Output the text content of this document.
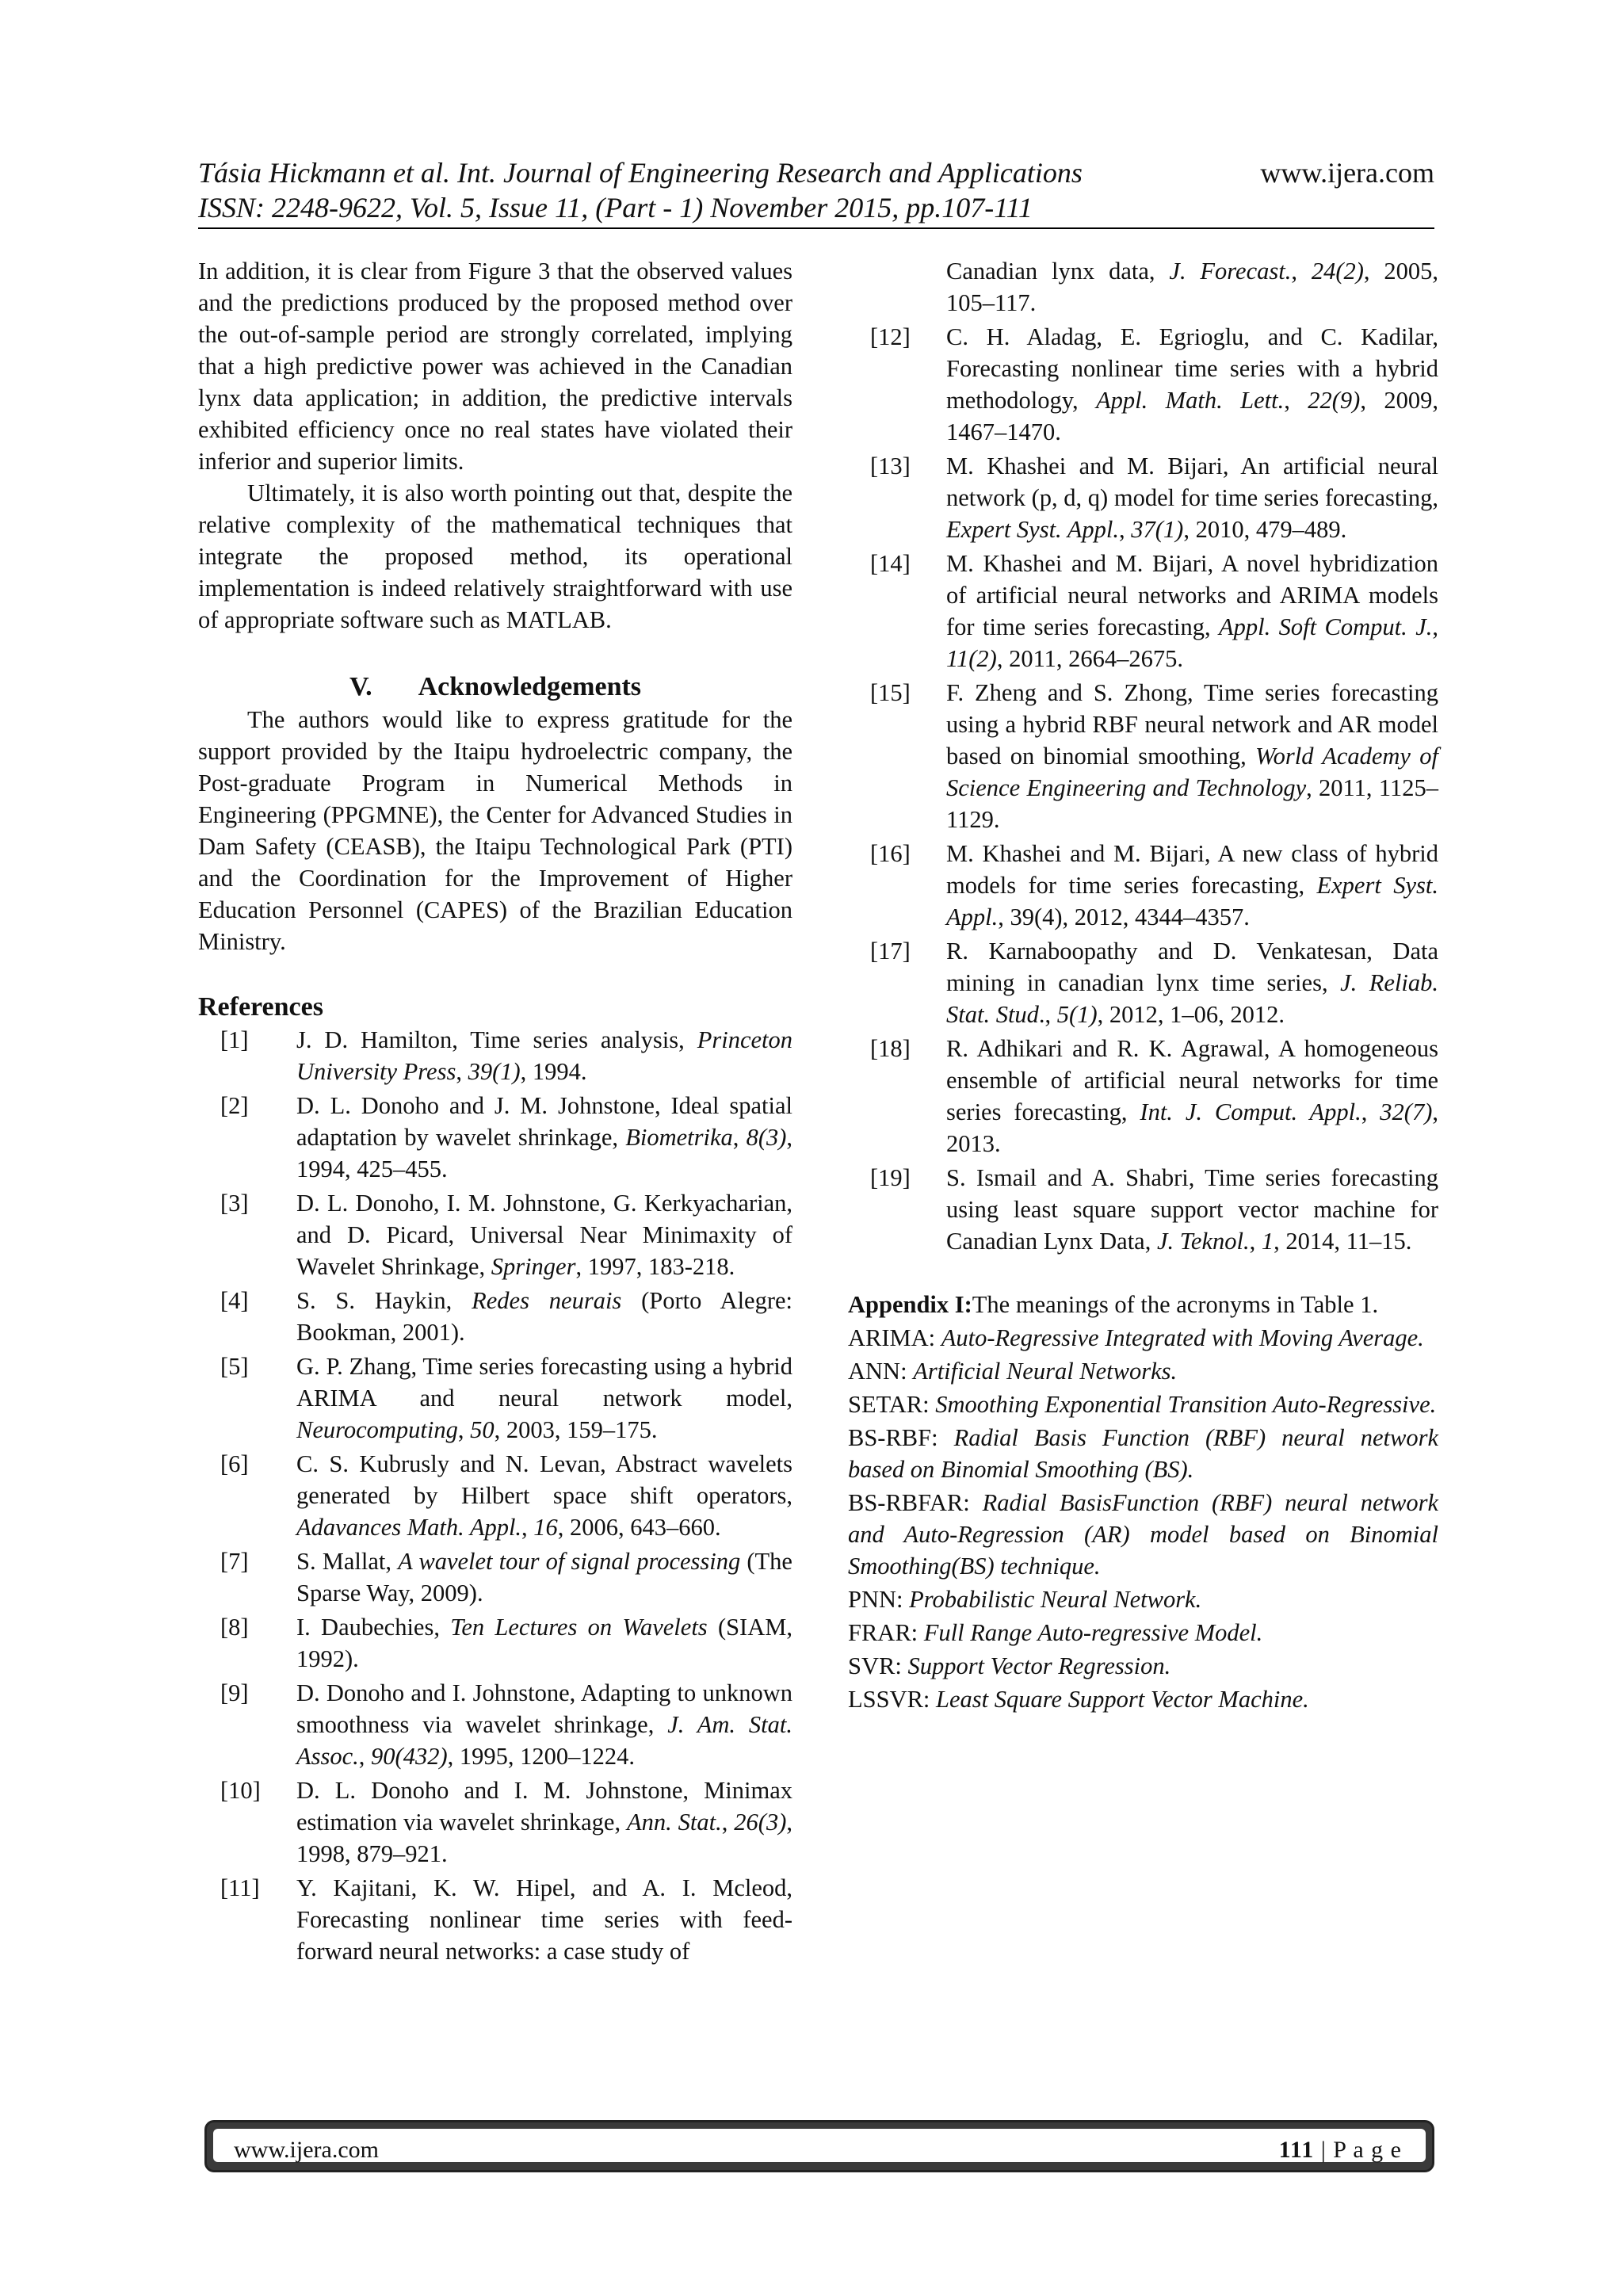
Tásia Hickmann et al. Int. Journal of Engineering Research and Applications	www.ijera.com
ISSN: 2248-9622, Vol. 5, Issue 11, (Part - 1) November 2015, pp.107-111

In addition, it is clear from Figure 3 that the observed values and the predictions produced by the proposed method over the out-of-sample period are strongly correlated, implying that a high predictive power was achieved in the Canadian lynx data application; in addition, the predictive intervals exhibited efficiency once no real states have violated their inferior and superior limits.

Ultimately, it is also worth pointing out that, despite the relative complexity of the mathematical techniques that integrate the proposed method, its operational implementation is indeed relatively straightforward with use of appropriate software such as MATLAB.

V. Acknowledgements

The authors would like to express gratitude for the support provided by the Itaipu hydroelectric company, the Post-graduate Program in Numerical Methods in Engineering (PPGMNE), the Center for Advanced Studies in Dam Safety (CEASB), the Itaipu Technological Park (PTI) and the Coordination for the Improvement of Higher Education Personnel (CAPES) of the Brazilian Education Ministry.

References
[1]	J. D. Hamilton, Time series analysis, Princeton University Press, 39(1), 1994.
[2]	D. L. Donoho and J. M. Johnstone, Ideal spatial adaptation by wavelet shrinkage, Biometrika, 8(3), 1994, 425–455.
[3]	D. L. Donoho, I. M. Johnstone, G. Kerkyacharian, and D. Picard, Universal Near Minimaxity of Wavelet Shrinkage, Springer, 1997, 183-218.
[4]	S. S. Haykin, Redes neurais (Porto Alegre: Bookman, 2001).
[5]	G. P. Zhang, Time series forecasting using a hybrid ARIMA and neural network model, Neurocomputing, 50, 2003, 159–175.
[6]	C. S. Kubrusly and N. Levan, Abstract wavelets generated by Hilbert space shift operators, Adavances Math. Appl., 16, 2006, 643–660.
[7]	S. Mallat, A wavelet tour of signal processing (The Sparse Way, 2009).
[8]	I. Daubechies, Ten Lectures on Wavelets (SIAM, 1992).
[9]	D. Donoho and I. Johnstone, Adapting to unknown smoothness via wavelet shrinkage, J. Am. Stat. Assoc., 90(432), 1995, 1200–1224.
[10]	D. L. Donoho and I. M. Johnstone, Minimax estimation via wavelet shrinkage, Ann. Stat., 26(3), 1998, 879–921.
[11]	Y. Kajitani, K. W. Hipel, and A. I. Mcleod, Forecasting nonlinear time series with feed-forward neural networks: a case study of
Canadian lynx data, J. Forecast., 24(2), 2005, 105–117.
[12]	C. H. Aladag, E. Egrioglu, and C. Kadilar, Forecasting nonlinear time series with a hybrid methodology, Appl. Math. Lett., 22(9), 2009, 1467–1470.
[13]	M. Khashei and M. Bijari, An artificial neural network (p, d, q) model for time series forecasting, Expert Syst. Appl., 37(1), 2010, 479–489.
[14]	M. Khashei and M. Bijari, A novel hybridization of artificial neural networks and ARIMA models for time series forecasting, Appl. Soft Comput. J., 11(2), 2011, 2664–2675.
[15]	F. Zheng and S. Zhong, Time series forecasting using a hybrid RBF neural network and AR model based on binomial smoothing, World Academy of Science Engineering and Technology, 2011, 1125–1129.
[16]	M. Khashei and M. Bijari, A new class of hybrid models for time series forecasting, Expert Syst. Appl., 39(4), 2012, 4344–4357.
[17]	R. Karnaboopathy and D. Venkatesan, Data mining in canadian lynx time series, J. Reliab. Stat. Stud., 5(1), 2012, 1–06, 2012.
[18]	R. Adhikari and R. K. Agrawal, A homogeneous ensemble of artificial neural networks for time series forecasting, Int. J. Comput. Appl., 32(7), 2013.
[19]	S. Ismail and A. Shabri, Time series forecasting using least square support vector machine for Canadian Lynx Data, J. Teknol., 1, 2014, 11–15.

Appendix I:The meanings of the acronyms in Table 1.

ARIMA: Auto-Regressive Integrated with Moving Average.

ANN: Artificial Neural Networks.

SETAR: Smoothing Exponential Transition Auto-Regressive.

BS-RBF: Radial Basis Function (RBF) neural network based on Binomial Smoothing (BS).

BS-RBFAR: Radial BasisFunction (RBF) neural network and Auto-Regression (AR) model based on Binomial Smoothing(BS) technique.

PNN: Probabilistic Neural Network.

FRAR: Full Range Auto-regressive Model.

SVR: Support Vector Regression.

LSSVR: Least Square Support Vector Machine.

www.ijera.com	111 | P a g e
